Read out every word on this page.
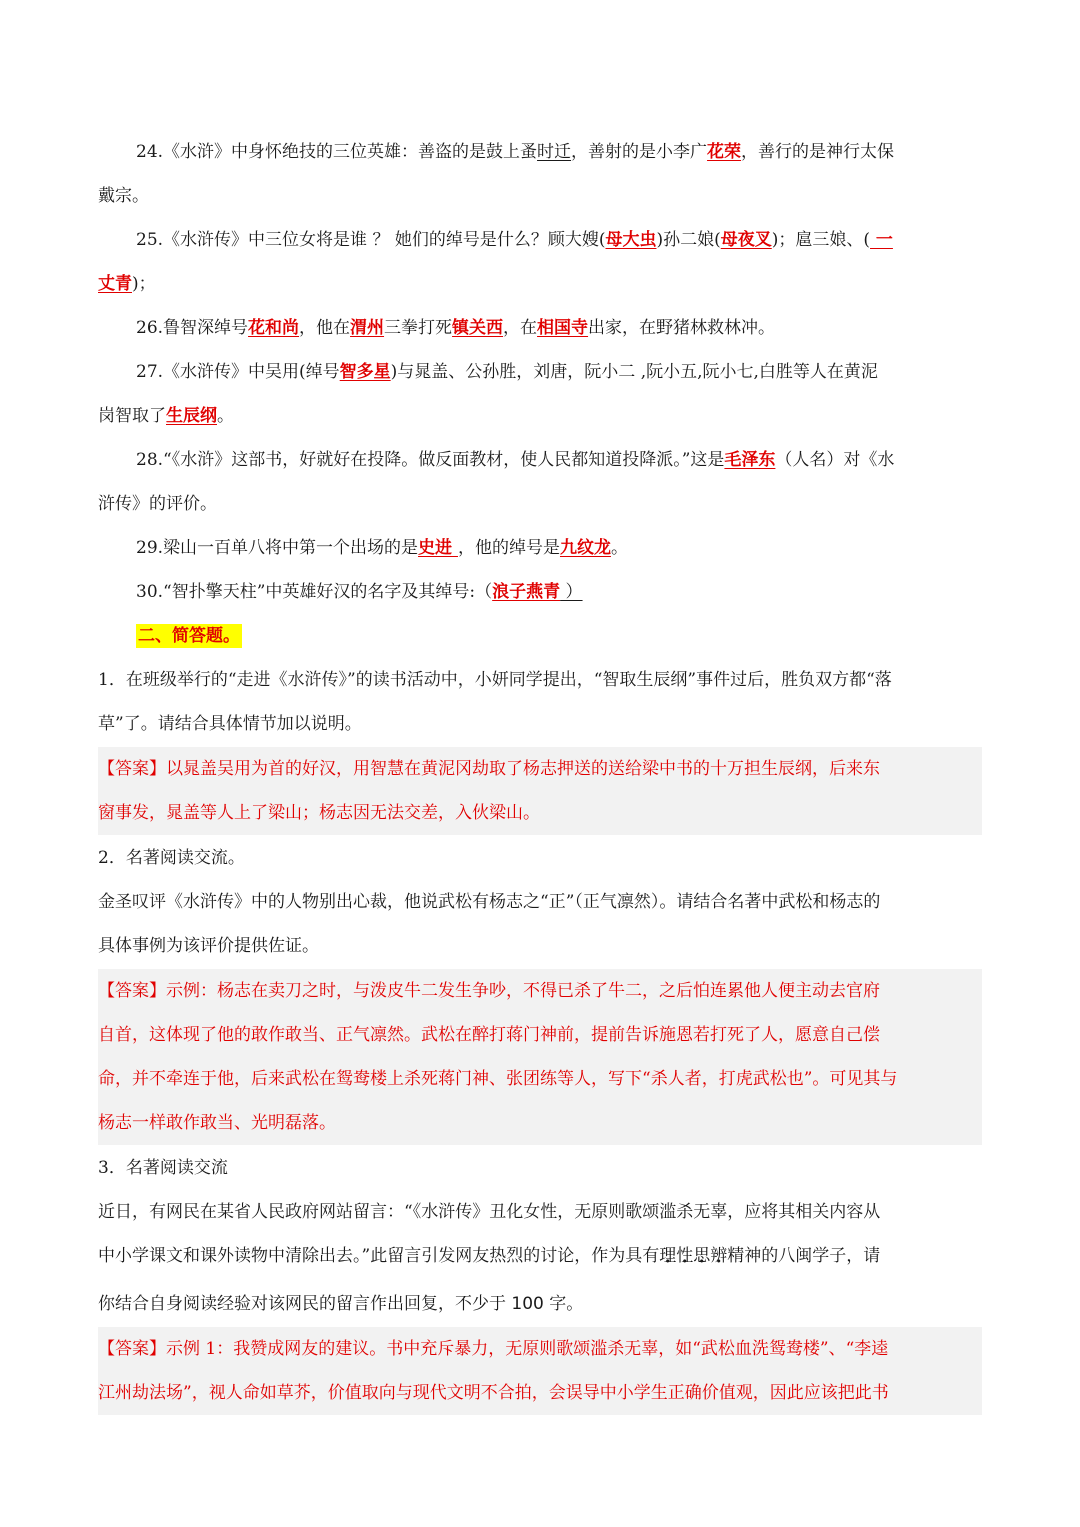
24.《水浒》中身怀绝技的三位英雄：善盗的是鼓上蚤时迁，善射的是小李广花荣，善行的是神行太保
戴宗。
25.《水浒传》中三位女将是谁 ？ 她们的绰号是什么？顾大嫂(母大虫)孙二娘(母夜叉)；扈三娘、( 一
丈青)；
26.鲁智深绰号花和尚，他在渭州三拳打死镇关西，在相国寺出家，在野猪林救林冲。
27.《水浒传》中吴用(绰号智多星)与晁盖、公孙胜，刘唐，阮小二 ,阮小五,阮小七,白胜等人在黄泥
岗智取了生辰纲。
28.“《水浒》这部书，好就好在投降。做反面教材，使人民都知道投降派。”这是毛泽东（人名）对《水
浒传》的评价。
29.梁山一百单八将中第一个出场的是史进 ，他的绰号是九纹龙。
30.“智扑擎天柱”中英雄好汉的名字及其绰号:（浪子燕青 ）
二、简答题。
1．在班级举行的“走进《水浒传》”的读书活动中，小妍同学提出，“智取生辰纲”事件过后，胜负双方都“落
草”了。请结合具体情节加以说明。
【答案】以晁盖吴用为首的好汉，用智慧在黄泥冈劫取了杨志押送的送给梁中书的十万担生辰纲，后来东
窗事发，晁盖等人上了梁山；杨志因无法交差，入伙梁山。
2．名著阅读交流。
金圣叹评《水浒传》中的人物别出心裁，他说武松有杨志之“正”（正气凛然）。请结合名著中武松和杨志的
具体事例为该评价提供佐证。
【答案】示例：杨志在卖刀之时，与泼皮牛二发生争吵，不得已杀了牛二，之后怕连累他人便主动去官府
自首，这体现了他的敢作敢当、正气凛然。武松在醉打蒋门神前，提前告诉施恩若打死了人，愿意自己偿
命，并不牵连于他，后来武松在鸳鸯楼上杀死蒋门神、张团练等人，写下“杀人者，打虎武松也”。可见其与
杨志一样敢作敢当、光明磊落。
3．名著阅读交流
近日，有网民在某省人民政府网站留言：“《水浒传》丑化女性，无原则歌颂滥杀无辜，应将其相关内容从
中小学课文和课外读物中清除出去。”此留言引发网友热烈的讨论，作为具有理性思辨精神的八闽学子，请
你结合自身阅读经验对该网民的留言作出回复，不少于 100 字。
【答案】示例 1：我赞成网友的建议。书中充斥暴力，无原则歌颂滥杀无辜，如“武松血洗鸳鸯楼”、“李逵
江州劫法场”，视人命如草芥，价值取向与现代文明不合拍，会误导中小学生正确价值观，因此应该把此书
